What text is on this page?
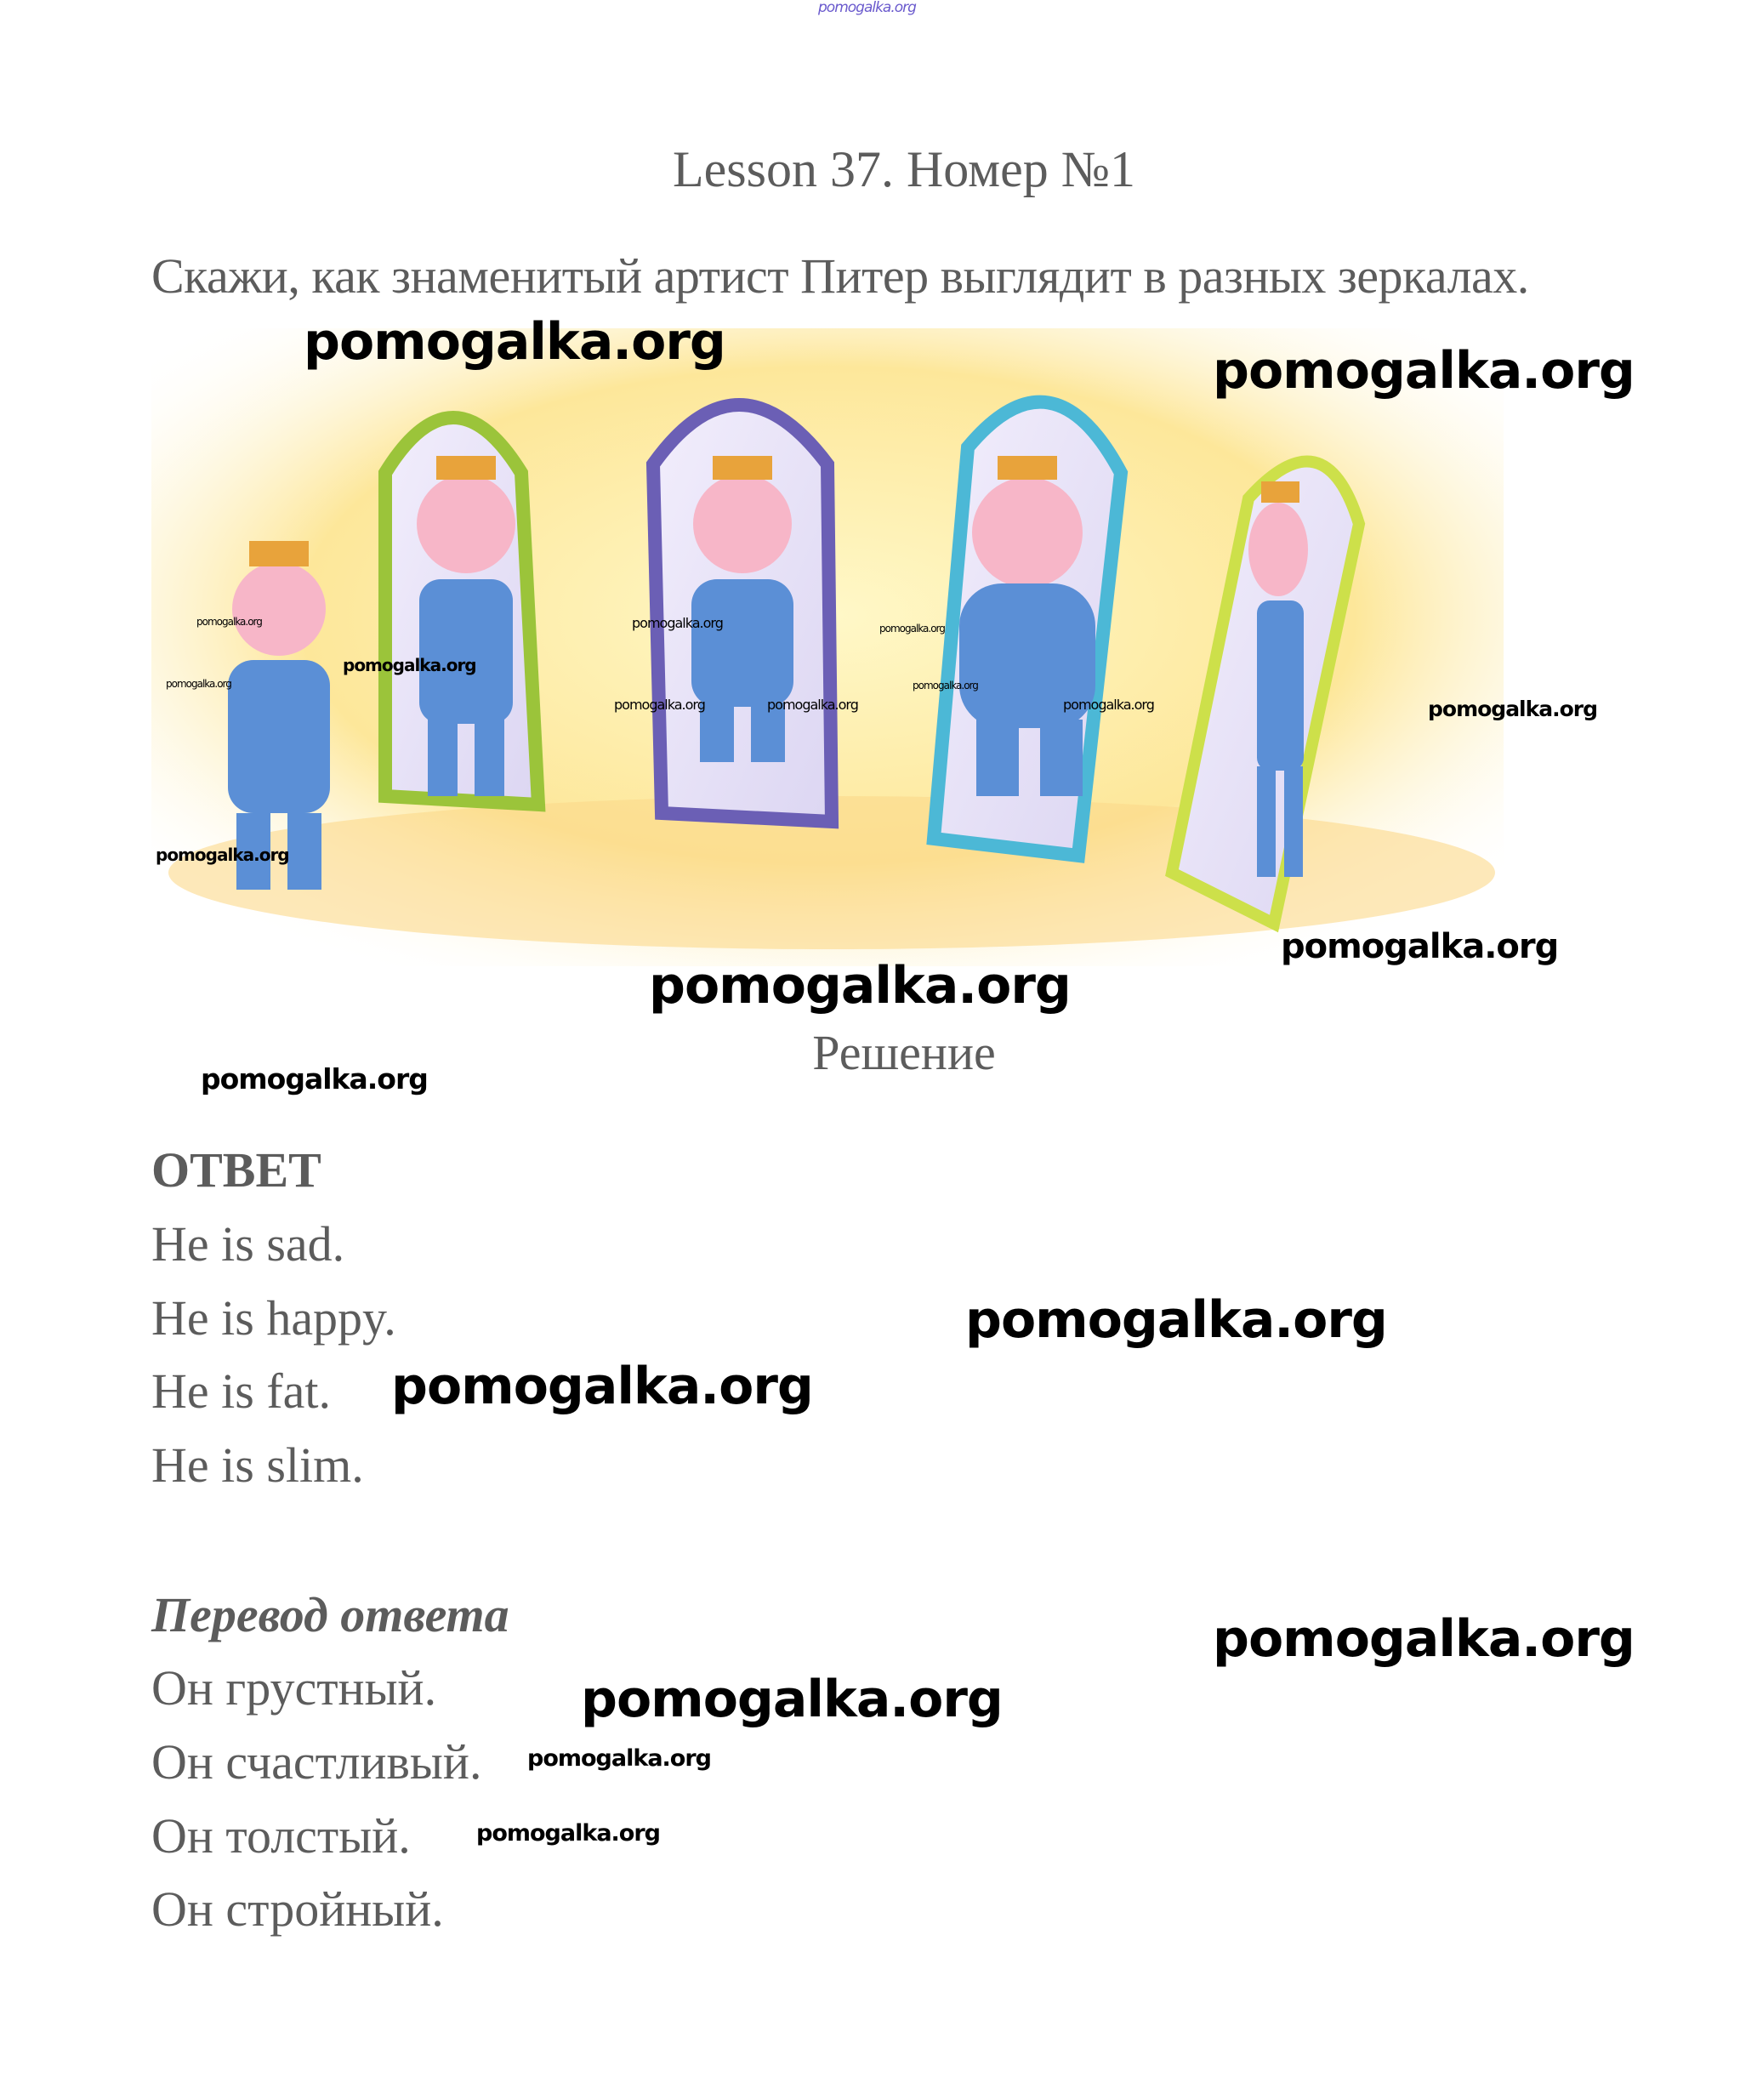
pomogalka.org
Lesson 37. Номер №1
Скажи, как знаменитый артист Питер выглядит в разных зеркалах.
pomogalka.org
pomogalka.org
pomogalka.org
pomogalka.org
pomogalka.org
pomogalka.org	pomogalka.org
pomogalka.org
pomogalka.org
pomogalka.org	pomogalka.org
pomogalka.org	pomogalka.org
pomogalka.org
pomogalka.org
pomogalka.org
pomogalka.org
pomogalka.org
pomogalka.org
pomogalka.org
Решение
ОТВЕТ
He is sad.
He is happy.
He is fat.
He is slim.
Перевод ответа
Он грустный.
Он счастливый.
Он толстый.
Он стройный.
pomogalka.org
pomogalka.org
